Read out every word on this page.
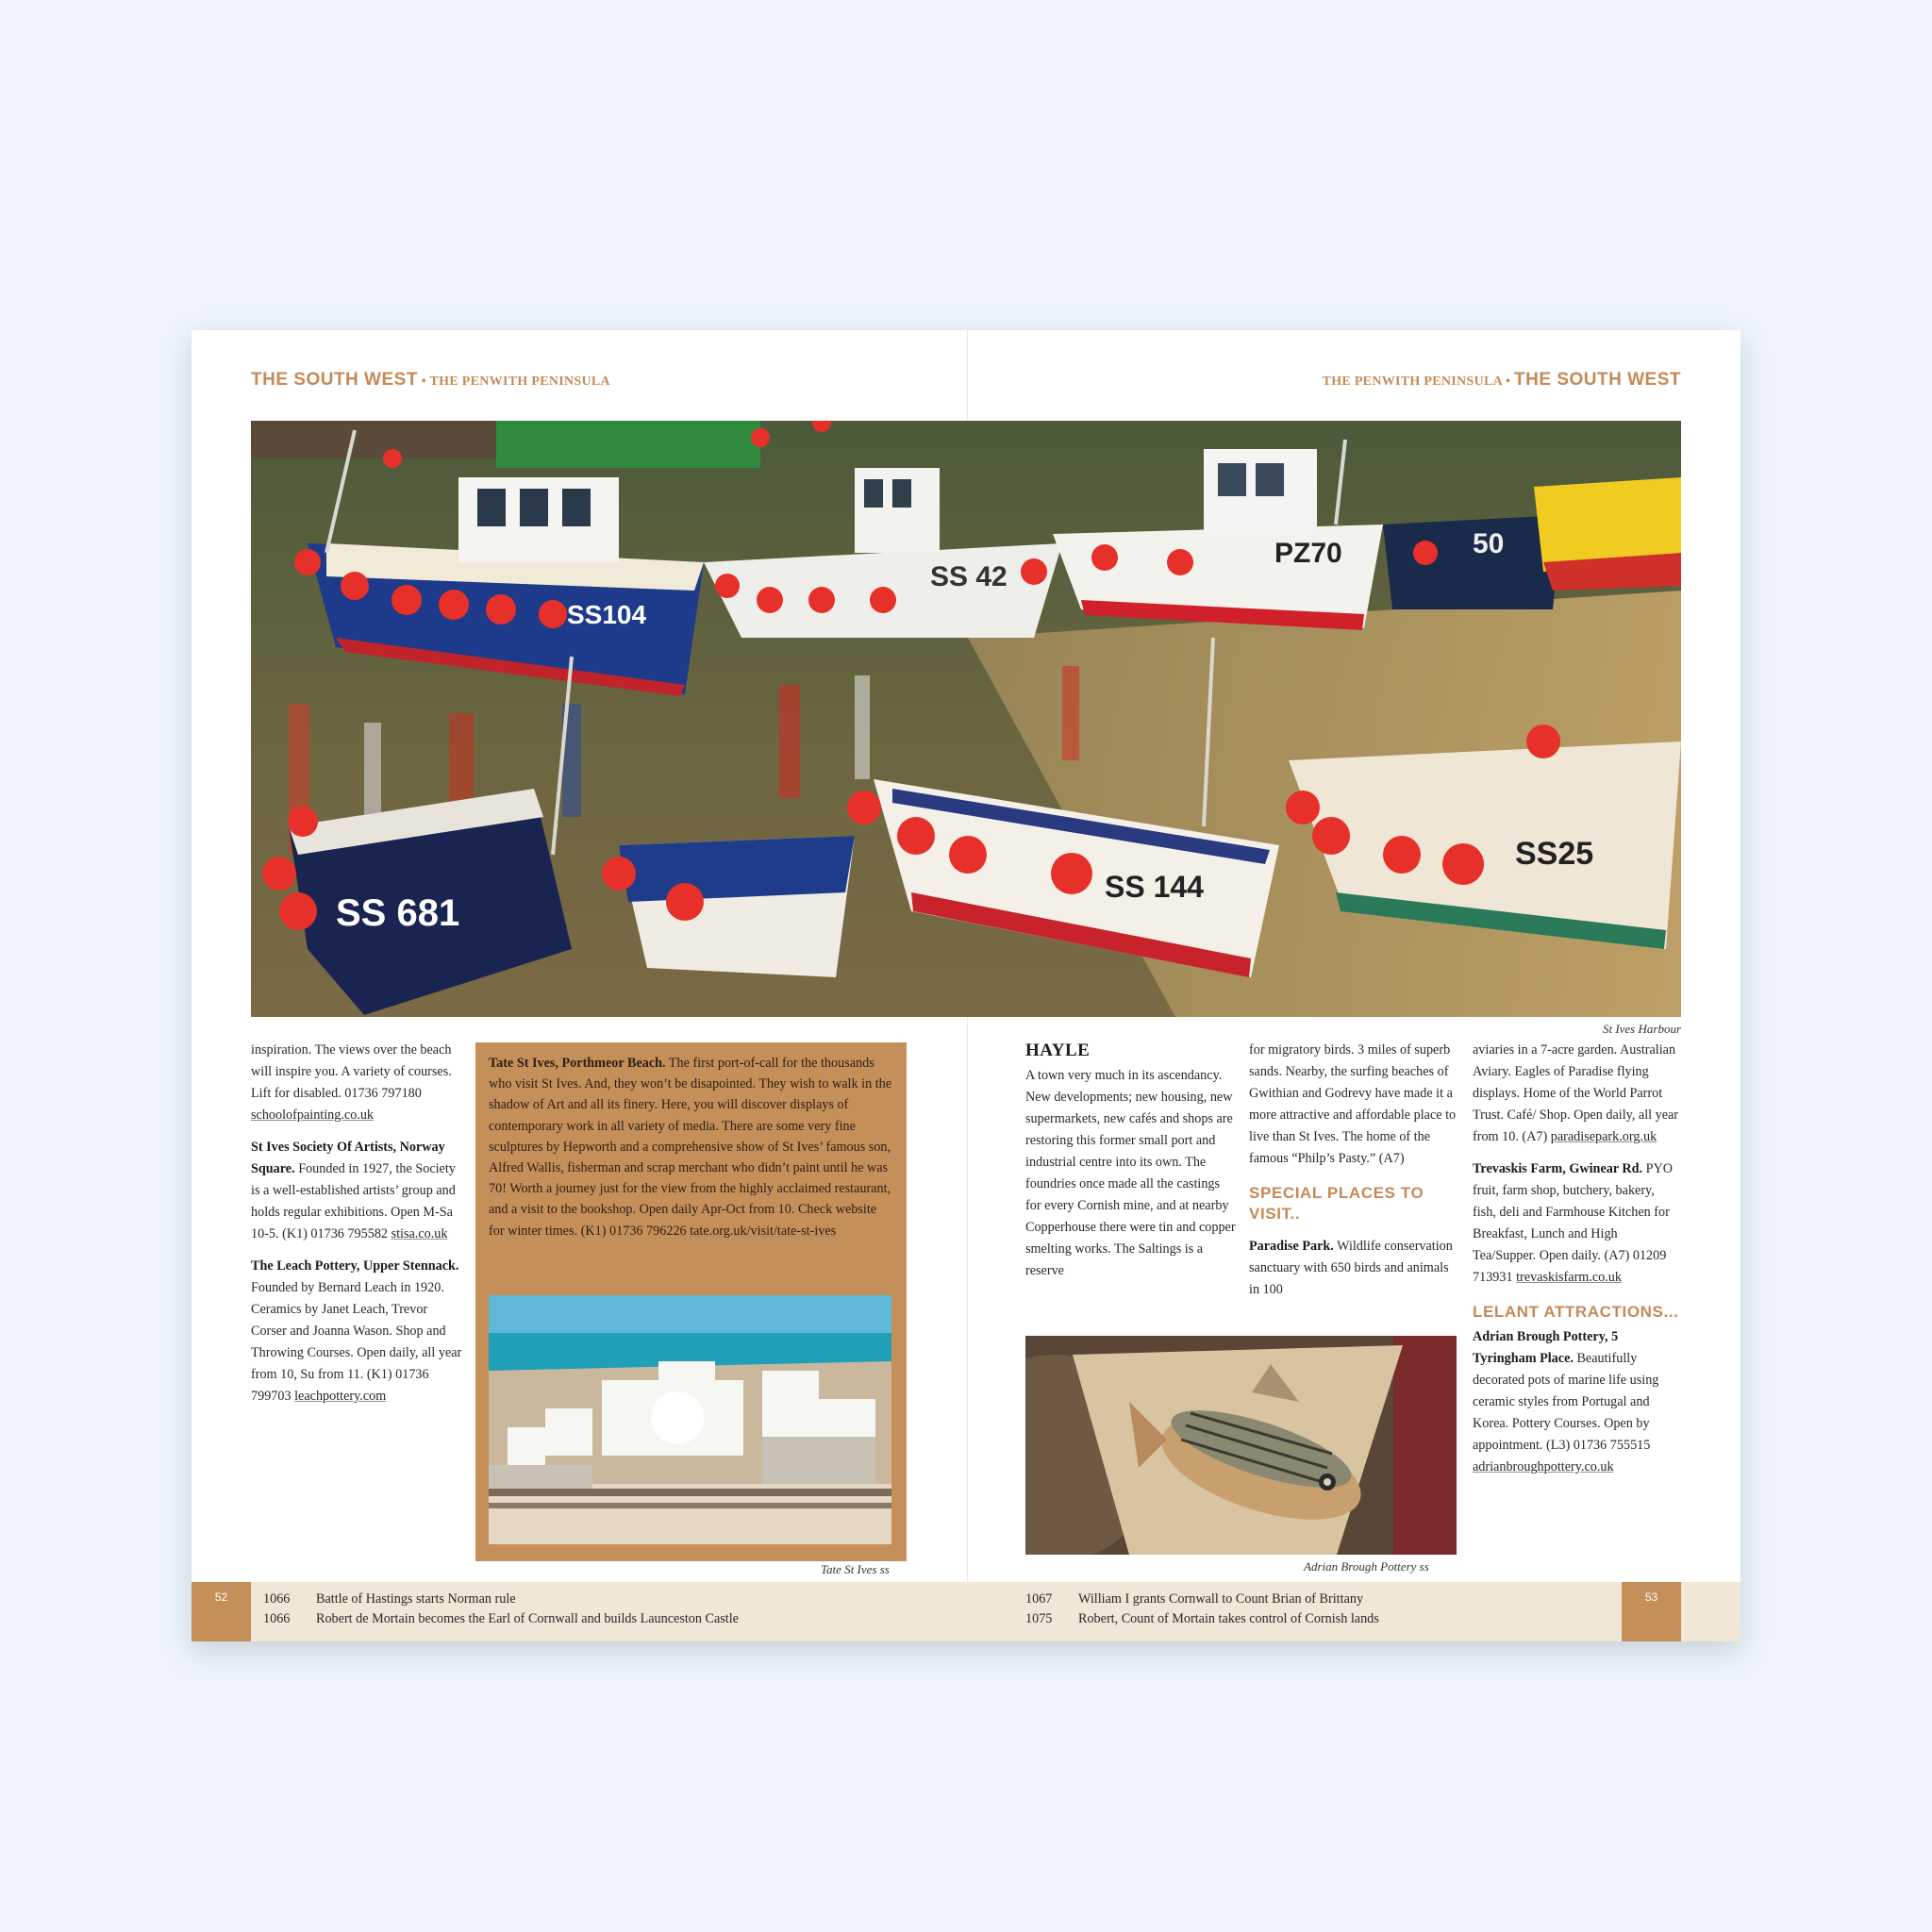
THE SOUTH WEST • THE PENWITH PENINSULA	THE PENWITH PENINSULA • THE SOUTH WEST
SS104
SS 42
PZ70	50
SS 681
SS 144
SS25
St Ives Harbour

inspiration. The views over the beach will inspire you. A variety of courses. Lift for disabled. 01736 797180 schoolofpainting.co.uk

St Ives Society Of Artists, Norway Square. Founded in 1927, the Society is a well-established artists’ group and holds regular exhibitions. Open M-Sa 10-5. (K1) 01736 795582 stisa.co.uk

The Leach Pottery, Upper Stennack. Founded by Bernard Leach in 1920. Ceramics by Janet Leach, Trevor Corser and Joanna Wason. Shop and Throwing Courses. Open daily, all year from 10, Su from 11. (K1) 01736 799703 leachpottery.com

Tate St Ives, Porthmeor Beach. The first port-of-call for the thousands who visit St Ives. And, they won’t be disapointed. They wish to walk in the shadow of Art and all its finery. Here, you will discover displays of contemporary work in all variety of media. There are some very fine sculptures by Hepworth and a comprehensive show of St Ives’ famous son, Alfred Wallis, fisherman and scrap merchant who didn’t paint until he was 70! Worth a journey just for the view from the highly acclaimed restaurant, and a visit to the bookshop. Open daily Apr-Oct from 10. Check website for winter times. (K1) 01736 796226 tate.org.uk/visit/tate-st-ives
Tate St Ives ss
HAYLE

A town very much in its ascendancy. New developments; new housing, new supermarkets, new cafés and shops are restoring this former small port and industrial centre into its own. The foundries once made all the castings for every Cornish mine, and at nearby Copperhouse there were tin and copper smelting works. The Saltings is a reserve

for migratory birds. 3 miles of superb sands. Nearby, the surfing beaches of Gwithian and Godrevy have made it a more attractive and affordable place to live than St Ives. The home of the famous “Philp’s Pasty.” (A7)

SPECIAL PLACES TO VISIT..

Paradise Park. Wildlife conservation sanctuary with 650 birds and animals in 100

Adrian Brough Pottery ss

aviaries in a 7-acre garden. Australian Aviary. Eagles of Paradise flying displays. Home of the World Parrot Trust. Café/ Shop. Open daily, all year from 10. (A7) paradisepark.org.uk

Trevaskis Farm, Gwinear Rd. PYO fruit, farm shop, butchery, bakery, fish, deli and Farmhouse Kitchen for Breakfast, Lunch and High Tea/Supper. Open daily. (A7) 01209 713931 trevaskisfarm.co.uk

LELANT ATTRACTIONS...

Adrian Brough Pottery, 5 Tyringham Place. Beautifully decorated pots of marine life using ceramic styles from Portugal and Korea. Pottery Courses. Open by appointment. (L3) 01736 755515 adrianbroughpottery.co.uk

52	53
1066 Battle of Hastings starts Norman rule
1066 Robert de Mortain becomes the Earl of Cornwall and builds Launceston Castle
1067 William I grants Cornwall to Count Brian of Brittany
1075 Robert, Count of Mortain takes control of Cornish lands
